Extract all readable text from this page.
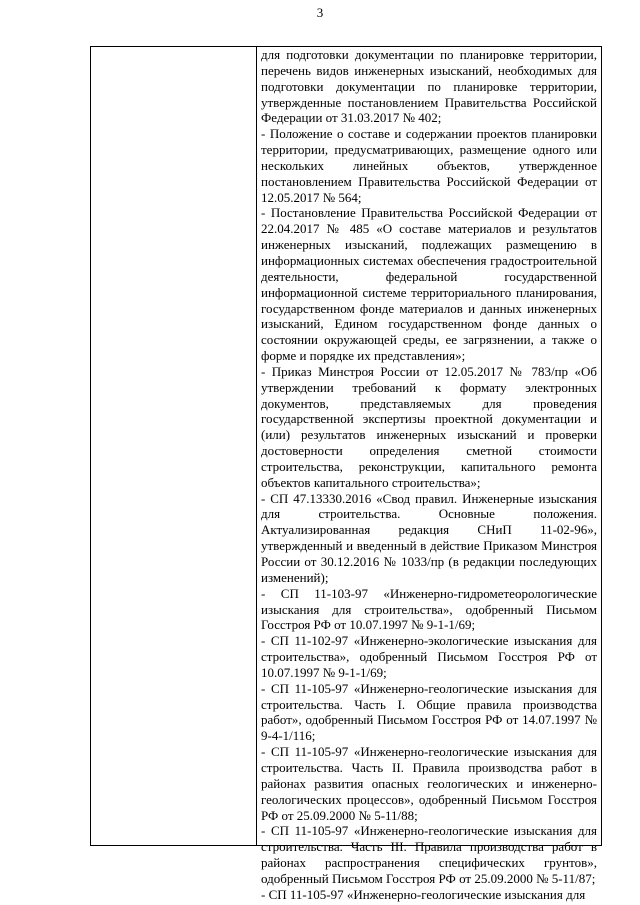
3

для подготовки документации по планировке территории, перечень видов инженерных изысканий, необходимых для подготовки документации по планировке территории, утвержденные постановлением Правительства Российской Федерации от 31.03.2017 № 402;

- Положение о составе и содержании проектов планировки территории, предусматривающих, размещение одного или нескольких линейных объектов, утвержденное постановлением Правительства Российской Федерации от 12.05.2017 № 564;

- Постановление Правительства Российской Федерации от 22.04.2017 № 485 «О составе материалов и результатов инженерных изысканий, подлежащих размещению в информационных системах обеспечения градостроительной деятельности, федеральной государственной информационной системе территориального планирования, государственном фонде материалов и данных инженерных изысканий, Едином государственном фонде данных о состоянии окружающей среды, ее загрязнении, а также о форме и порядке их представления»;

- Приказ Минстроя России от 12.05.2017 № 783/пр «Об утверждении требований к формату электронных документов, представляемых для проведения государственной экспертизы проектной документации и (или) результатов инженерных изысканий и проверки достоверности определения сметной стоимости строительства, реконструкции, капитального ремонта объектов капитального строительства»;

- СП 47.13330.2016 «Свод правил. Инженерные изыскания для строительства. Основные положения. Актуализированная редакция СНиП 11-02-96», утвержденный и введенный в действие Приказом Минстроя России от 30.12.2016 № 1033/пр (в редакции последующих изменений);

- СП 11-103-97 «Инженерно-гидрометеорологические изыскания для строительства», одобренный Письмом Госстроя РФ от 10.07.1997 № 9-1-1/69;

- СП 11-102-97 «Инженерно-экологические изыскания для строительства», одобренный Письмом Госстроя РФ от 10.07.1997 № 9-1-1/69;

- СП 11-105-97 «Инженерно-геологические изыскания для строительства. Часть I. Общие правила производства работ», одобренный Письмом Госстроя РФ от 14.07.1997 № 9-4-1/116;

- СП 11-105-97 «Инженерно-геологические изыскания для строительства. Часть II. Правила производства работ в районах развития опасных геологических и инженерно-геологических процессов», одобренный Письмом Госстроя РФ от 25.09.2000 № 5-11/88;

- СП 11-105-97 «Инженерно-геологические изыскания для строительства. Часть III. Правила производства работ в районах распространения специфических грунтов», одобренный Письмом Госстроя РФ от 25.09.2000 № 5-11/87;

- СП 11-105-97 «Инженерно-геологические изыскания для
